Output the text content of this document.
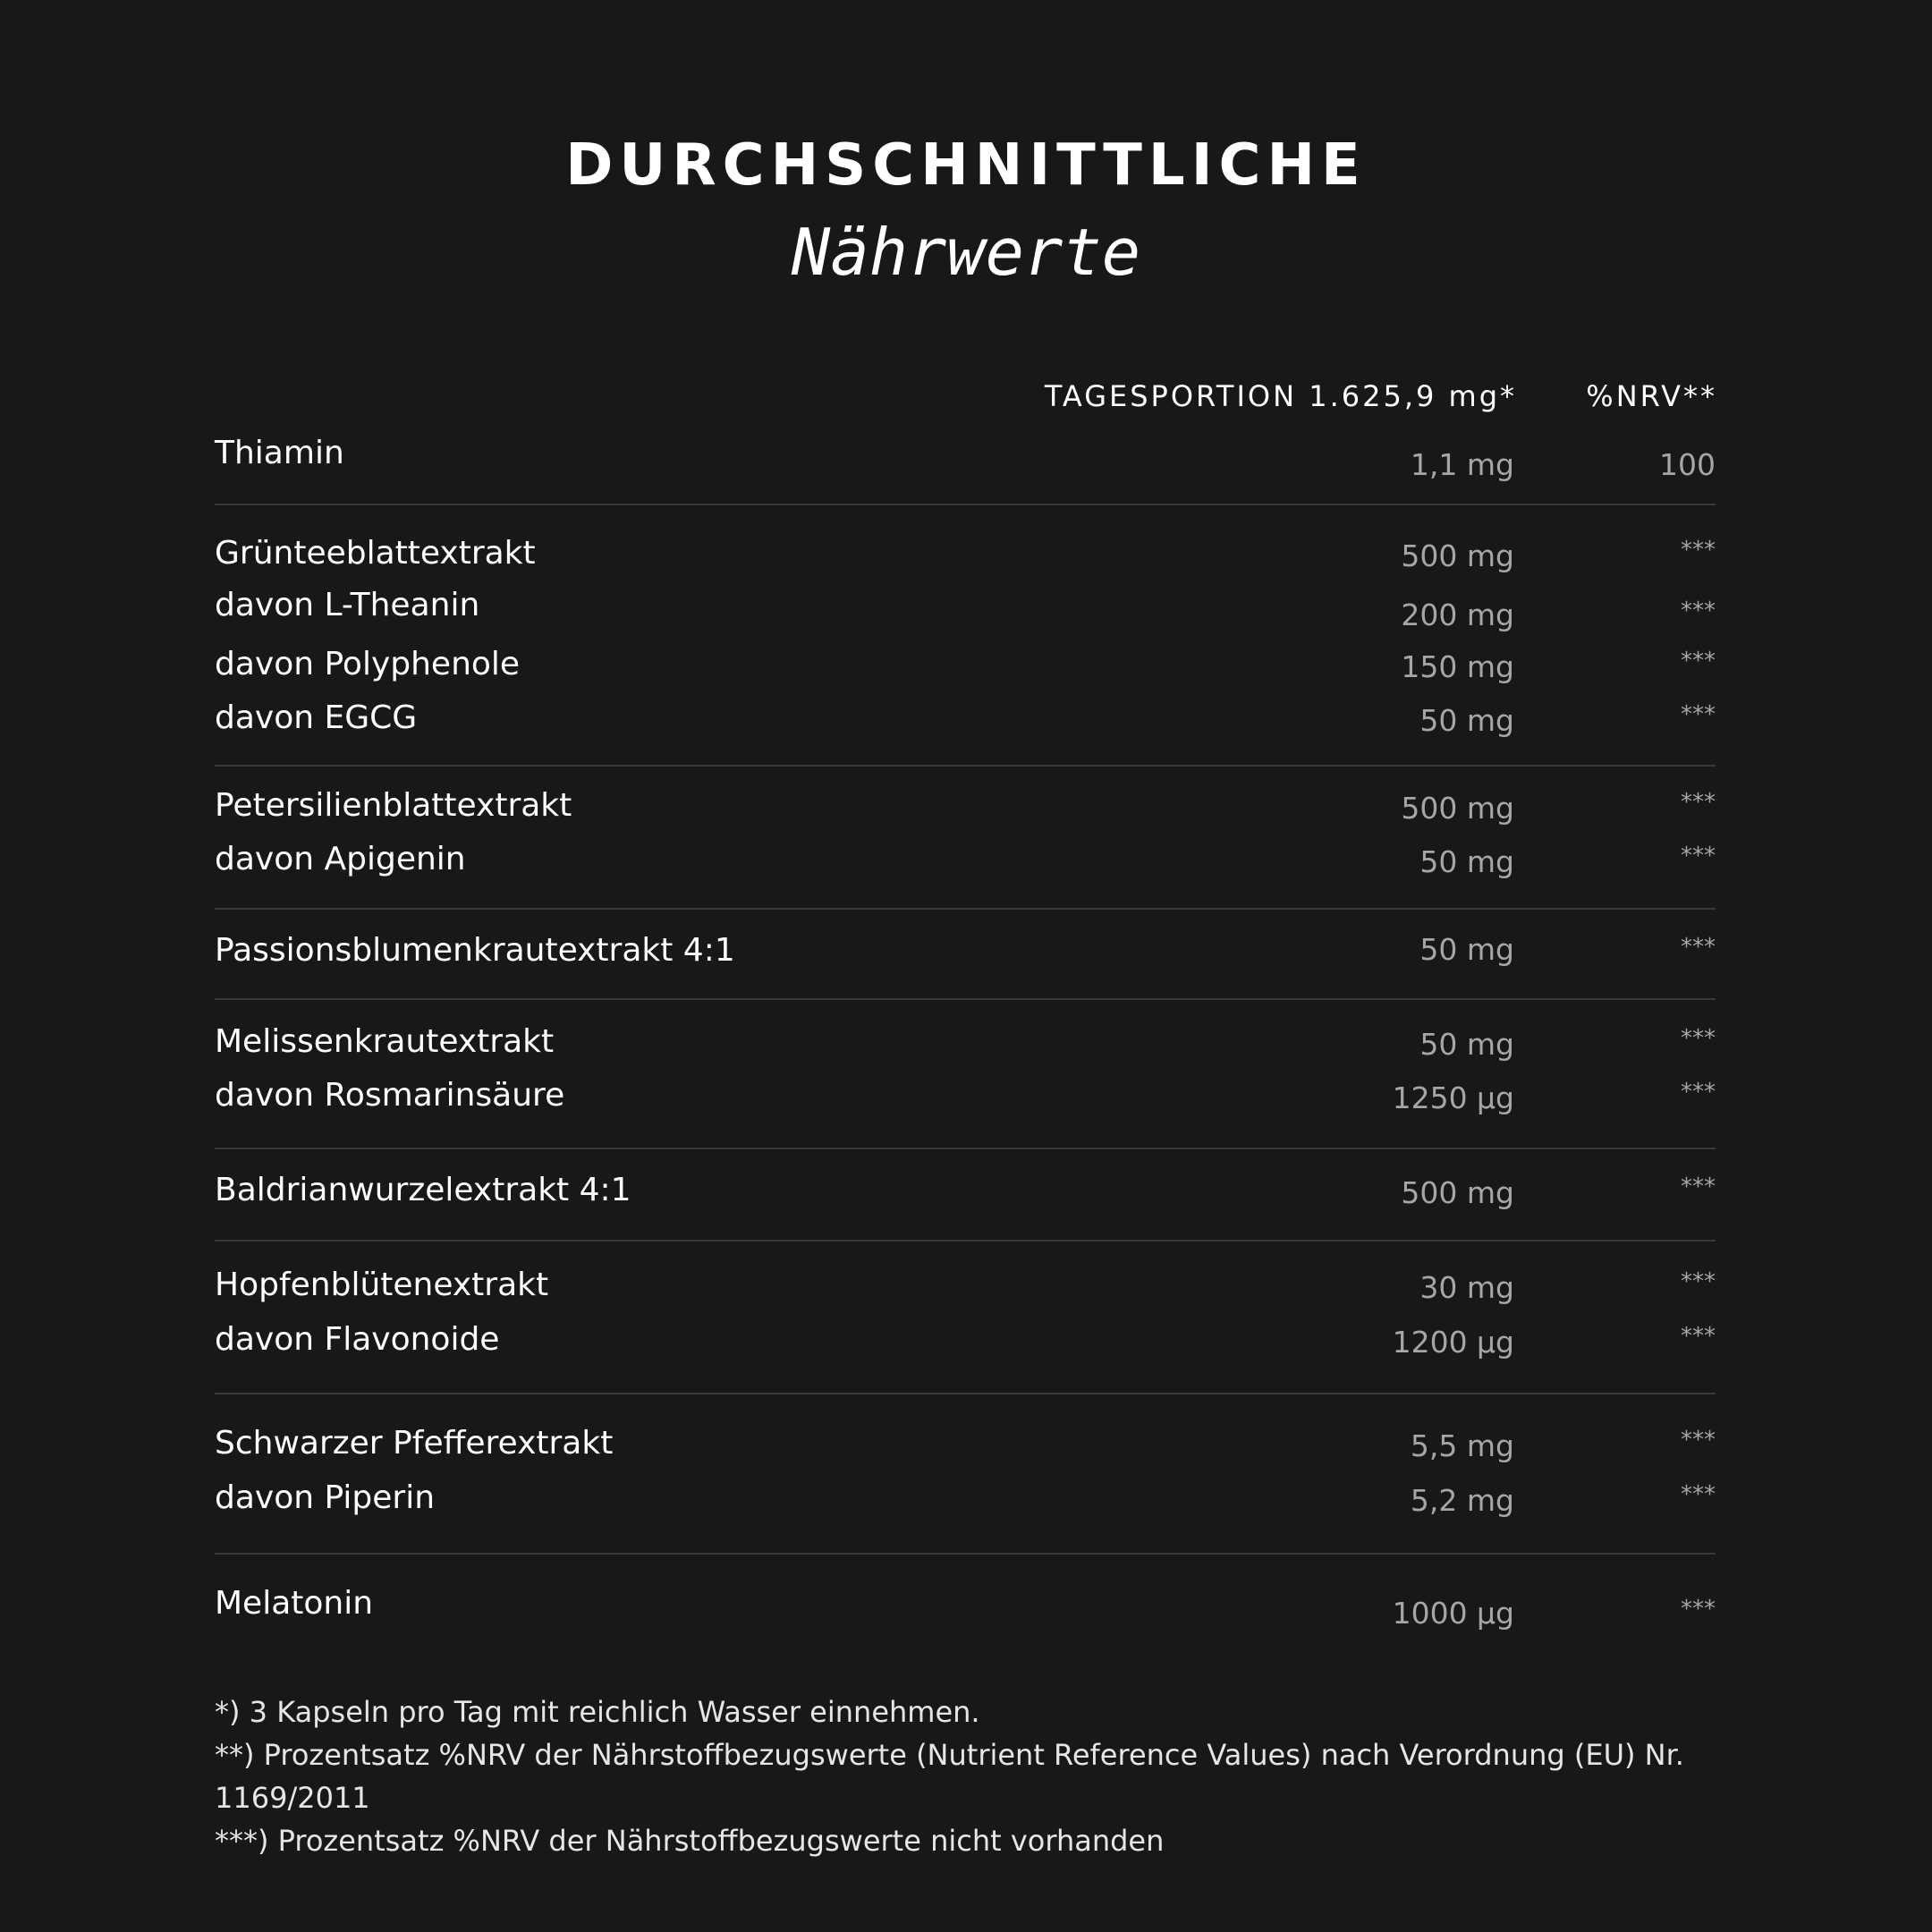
DURCHSCHNITTLICHE
Nährwerte
TAGESPORTION 1.625,9 mg* %NRV**
Thiamin	1,1 mg	100
Grünteeblattextrakt	500 mg	***
davon L-Theanin	200 mg	***
davon Polyphenole	150 mg	***
davon EGCG	50 mg	***
Petersilienblattextrakt	500 mg	***
davon Apigenin	50 mg	***
Passionsblumenkrautextrakt 4:1	50 mg	***
Melissenkrautextrakt	50 mg	***
davon Rosmarinsäure	1250 µg	***
Baldrianwurzelextrakt 4:1	500 mg	***
Hopfenblütenextrakt	30 mg	***
davon Flavonoide	1200 µg	***
Schwarzer Pfefferextrakt	5,5 mg	***
davon Piperin	5,2 mg	***
Melatonin	1000 µg	***

*) 3 Kapseln pro Tag mit reichlich Wasser einnehmen.

**) Prozentsatz %NRV der Nährstoffbezugswerte (Nutrient Reference Values) nach Verordnung (EU) Nr. 1169/2011

***) Prozentsatz %NRV der Nährstoffbezugswerte nicht vorhanden
